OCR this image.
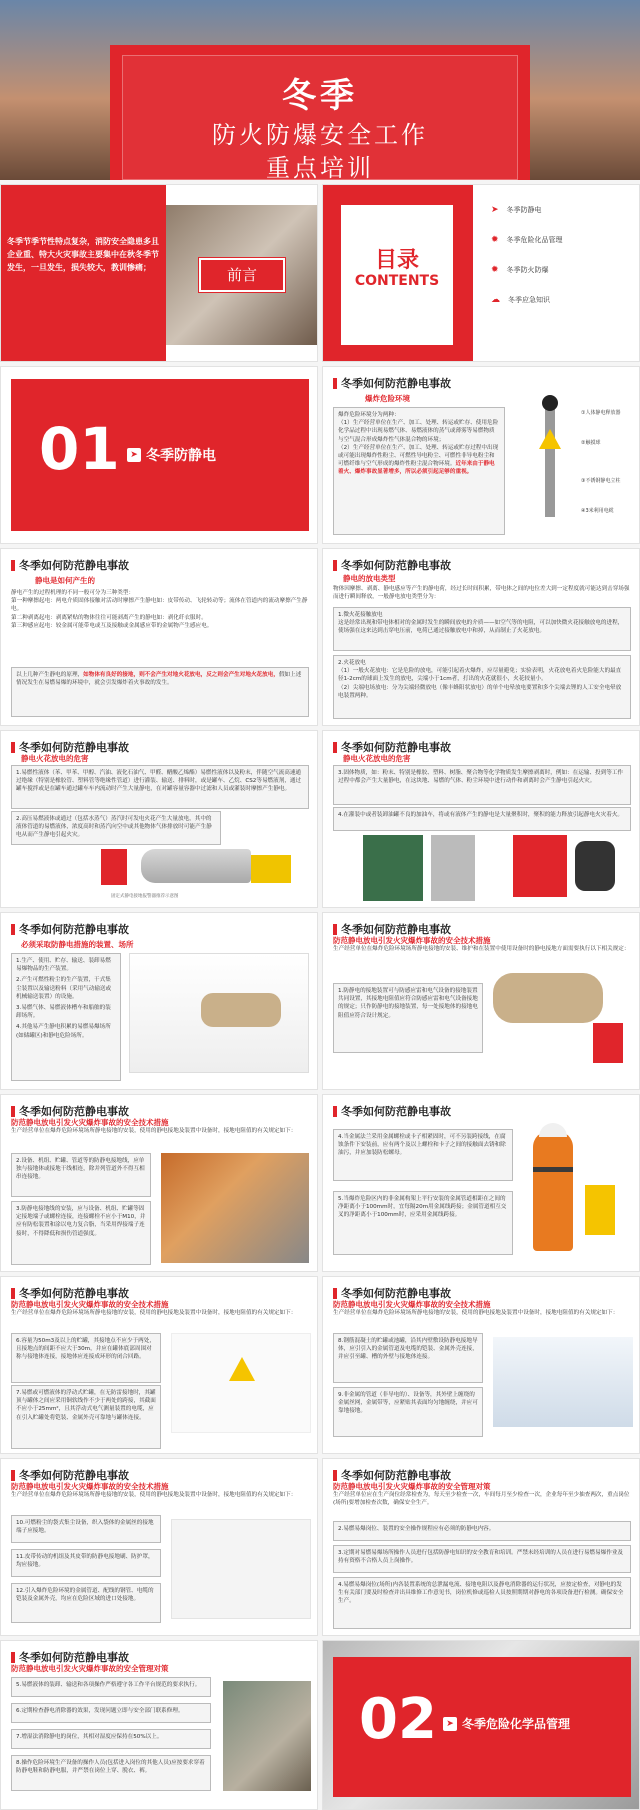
冬季
防火防爆安全工作
重点培训
冬季节季节性特点复杂，消防安全隐患多且企业重、特大火灾事故主要集中在秋冬季节发生，一旦发生，损失较大，教训惨痛；	前言
目录
CONTENTS
➤ 冬季防静电
✹ 冬季危险化品管理
✹ 冬季防火防爆
☁ 冬季应急知识
01	➤ 冬季防静电
冬季如何防范静电事故
爆炸危险环境
爆炸危险环境分为两种：
（1）生产经营单位在生产、加工、处理、转运或贮存、使用危险化学品过程中出现易燃气体、易燃液体的蒸气或薄雾等易燃物质与空气混合形成爆炸性气体混合物的环境；
（2）生产经营单位在生产、加工、处理、转运或贮存过程中出现或可能出现爆炸性粉尘、可燃性导电粉尘、可燃性非导电粉尘和可燃纤维与空气形成的爆炸性粉尘混合物环境。近年来由于静电着火、爆炸事故显著增多，所以必须引起足够的重视。
①人体静电释放器
②触摸球
③不锈钢静电立柱
④3米利用电缆
冬季如何防范静电事故
静电是如何产生的
静电产生的过程机理的不同一般可分为三种类型：
第一种摩擦起电：两电介质固体接触对活动时摩擦产生静电如：皮带传动、飞轮转动等；流体在管道内的流动摩擦产生静电。
第二种剥离起电：剥离紧贴的物体往往可能剥离产生的静电如：剥化纤衣服时。
第三种感应起电：较金属可能带电或互及接触或金属感应带的金属物产生感应电。
以上几种产生静电的原理，如物体有良好的接地，则不会产生对地火花放电，反之则会产生对地火花放电，假如上述情况发生在易燃易爆的环境中，就会引发爆炸着火事故的发生。
冬季如何防范静电事故
静电的放电类型
物体因摩擦、剥离、静电感应等产生的静电荷，经过长时间积累，带电体之间的电位差大到一定程度就可能达到击穿场强而进行瞬间释放，一般静电放电类型分为：
1.微火花接触放电
这是经常出现和带电体相对的金属时发生的瞬间放电的介质——如空气等的电阻，可以加快微火花接触放电的进程，使场强在这来达到击穿电压前，电荷已通过接触放电中和掉，从而制止了火花放电。
2.火花放电
（1）一般火花放电：它是危险的放电，可能引起着火爆炸，应尽量避免；实验表明，火花放电着火危险能大的最直径1-2cm的球面上发生的放电，尖端小于1cm者，打出的火花就很小，火花较量小。
（2）尖端电场放电：分为尖端轻微放电（像丰蜂阳状放电）的单个电晕放电要置和多个尖端去锂的人工安全电晕放电装置两种。
冬季如何防范静电事故
静电火花放电的危害
1.易燃性液体（苯、甲苯、甲醇、汽油、液化石油气、甲醛、醋酸乙烯酯）易燃性液体以及粉末，伴随空气流高速通过绝缘（特别是橡胶管、塑料管等绝缘性管道）进行灌装、输送、排料时，或是罐车、乙烷、CS2等易燃液剂，通过罐车搅拌或是在罐车通过罐车车内流动时产生大量静电，在对罐容量容器中过滤和人员或灌装时摩擦产生静电。
2.高压易燃液体或通过（包括水蒸气）蒸汽时可发电火花产生大量放电，其中的液体管道的易燃液体，浓度高时和蒸汽向空中或其他物体气体排放时可能产生静电从而产生静电引起火灾。
固定式静电接地报警器推荐示意图
冬季如何防范静电事故
静电火花放电的危害
3.固体物质，如：粉末、特别是橡胶、塑料、树脂、聚合物等化学物质发生摩擦剥离时，例如：在运输、投到等工作过程中都会产生大量静电，在这块地、易燃的气体、粉尘环境中进行动作和剥离时会产生静电引起火灾。
4.在灌装中或者装卸油罐不良的加油车，将或有液体产生的静电是大量聚积时，聚积的能力释放引起静电火灾着火。
冬季如何防范静电事故
必须采取防静电措施的装置、场所
1.生产、使用、贮存、输送、装卸易燃易爆物品的生产装置。
2.产生可燃性粉尘的生产装置，干式集尘装置以及输送粉料（采用气动输送或机械输送装置）的设施。
3.易燃气体、易燃液体槽车和船舶的装卸场所。
4.其他易产生静电积累的易燃易爆场所(如储罐区)和静电危险场所。
冬季如何防范静电事故
防范静电放电引发火灾爆炸事故的安全技术措施
生产经营单位在爆炸危险环境场所静电接地的安装、维护和在装置中使用设备时的静电接地方面需要执行以下相关规定：
1.防静电的接地装置可与防感应雷和电气设备的接地装置共同设置，其接地电阻值应符合防感应雷和电气设备接地的规定；只作防静电的接地装置，每一处接地体的接地电阻值应符合设计规定。
冬季如何防范静电事故
防范静电放电引发火灾爆炸事故的安全技术措施
生产经营单位在爆炸危险环境场所静电接地的安装，使用的静电接地及装置中设备时，接地电阻值的有关规定如下：
2.设备、机组、贮罐、管道等的防静电接地线，应单独与接地体或接地干线相连，除并列管道外不得互相串连接地。
3.防静电接地线的安装，应与设备、机组、贮罐等固定接地端子或螺栓连接，连接螺栓不应小于M10，并应有防松装置和涂以电力复合脂，当采用焊接端子连接时，不得降低和损伤管道强度。
冬季如何防范静电事故
4.当金属法兰采用金属螺栓或卡子相紧固时，可不另装跨接线，在腐蚀条件下安装前，应有两个及以上螺栓和卡子之间的接触面去锈和除油污，并应加装防松螺母。
5.当爆炸危险区内的非金属构架上平行安装的金属管道相距在之间的净距离小于100mm时，宜每隔20m用金属线跨接；金属管道相互交叉的净距离小于100mm时，应采用金属线跨接。
冬季如何防范静电事故
防范静电放电引发火灾爆炸事故的安全技术措施
生产经营单位在爆炸危险环境场所静电接地的安装，使用的静电接地及装置中设备时，接地电阻值的有关规定如下：
6.容量为50m3及以上的贮罐，其接地点不应少于两处，且接地点的间距不应大于30m，并应在罐体底部周围对称与接地体连接，接地体应连接成环形的闭合回路。
7.易燃或可燃液体的浮动式贮罐，在无防雷接地时，其罐顶与罐体之间应采用铜软线作不少于两处的跨接，其截面不应小于25mm²，且其浮动式电气测量装置的电缆，应在引入贮罐处将铠装、金属外壳可靠地与罐体连接。
冬季如何防范静电事故
防范静电放电引发火灾爆炸事故的安全技术措施
生产经营单位在爆炸危险环境场所静电接地的安装，使用的静电接地及装置中设备时，接地电阻值的有关规定如下：
8.钢筋混凝土的贮罐或池罐，沿其内壁敷设防静电接地导体，应引引入的金属管道及电缆的铠装、金属外壳连接，并应引至罐、槽的外壁与接地体连接。
9.非金属的管道（非导电的）、设备等，其外壁上缠绕的金属丝网，金属带等，应紧贴其表面均匀地缠绕，并应可靠地接地。
冬季如何防范静电事故
防范静电放电引发火灾爆炸事故的安全技术措施
生产经营单位在爆炸危险环境场所静电接地的安装，使用的静电接地及装置中设备时，接地电阻值的有关规定如下：
10.可燃粉尘的袋式集尘设备，织入袋体的金属丝的接地端子应接地。
11.皮带传动的机组及其皮带的防静电接地刷、防护罩，均应接地。
12.引入爆炸危险环境的金属管道、配线的钢管、电缆的铠装及金属外壳，均应在危险区域的进口处接地。
冬季如何防范静电事故
防范静电放电引发火灾爆炸事故的安全管理对策
生产经营单位应在生产岗位经常检查为，每天至少检查一次，车间每月至少检查一次，企业每年至少抽查两次，重点岗位(场所)要增加检查次数，确保安全生产。
2.易燃易爆岗位、装置的安全操作规程应有必须的防静电内容。
3.定期对易燃易爆场所操作人员进行包括防静电知识的安全教育和培训。严禁未经培训的人员在进行易燃易爆作业及持有资格不合格人员上岗操作。
4.易燃易爆岗位(场所)内各装置系统的总泄漏电流、接地电阻以及静电消除器的运行状况，应按定检查，对静电的发生有关部门要及时检查并出具维修工作意见书，岗位机修或巡检人员按照期期对静电的各项设备进行检测。确保安全生产。
冬季如何防范静电事故
防范静电放电引发火灾爆炸事故的安全管理对策
5.易燃液体的装卸、输送和各项操作严格遵守各工作平台规范的要求执行。
6.定期检查静电消除器的效果，发现问题立即与安全部门联系修理。
7.增湿法消除静电的岗位，其相对湿度应保持在50%以上。
8.操作危险环境生产设备的操作人员(包括进入岗位的其他人员)应按要求穿着防静电鞋和防静电服，并严禁在岗位上穿、脱衣、裤。
02	➤ 冬季危险化学品管理
